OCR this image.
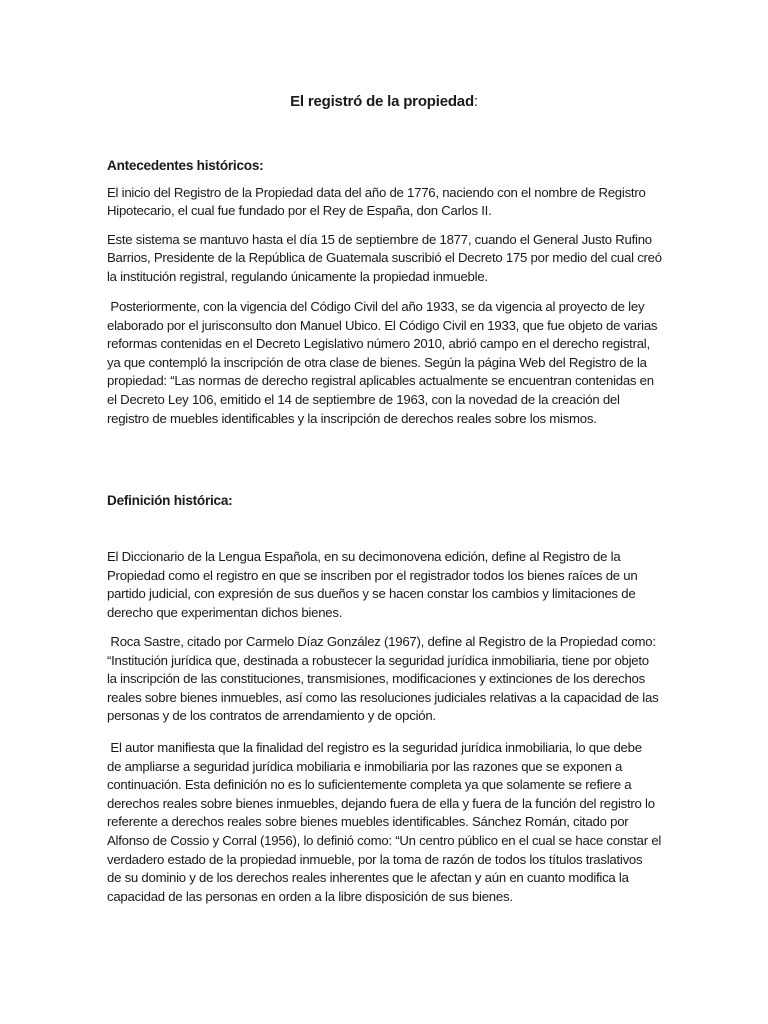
El registró de la propiedad:
Antecedentes históricos:

El inicio del Registro de la Propiedad data del año de 1776, naciendo con el nombre de Registro
Hipotecario, el cual fue fundado por el Rey de España, don Carlos II.

Este sistema se mantuvo hasta el día 15 de septiembre de 1877, cuando el General Justo Rufino
Barrios, Presidente de la República de Guatemala suscribió el Decreto 175 por medio del cual creó
la institución registral, regulando únicamente la propiedad inmueble.

Posteriormente, con la vigencia del Código Civil del año 1933, se da vigencia al proyecto de ley
elaborado por el jurisconsulto don Manuel Ubico. El Código Civil en 1933, que fue objeto de varias
reformas contenidas en el Decreto Legislativo número 2010, abrió campo en el derecho registral,
ya que contempló la inscripción de otra clase de bienes. Según la página Web del Registro de la
propiedad: “Las normas de derecho registral aplicables actualmente se encuentran contenidas en
el Decreto Ley 106, emitido el 14 de septiembre de 1963, con la novedad de la creación del
registro de muebles identificables y la inscripción de derechos reales sobre los mismos.

Definición histórica:

El Diccionario de la Lengua Española, en su decimonovena edición, define al Registro de la
Propiedad como el registro en que se inscriben por el registrador todos los bienes raíces de un
partido judicial, con expresión de sus dueños y se hacen constar los cambios y limitaciones de
derecho que experimentan dichos bienes.

Roca Sastre, citado por Carmelo Díaz González (1967), define al Registro de la Propiedad como:
“Institución jurídica que, destinada a robustecer la seguridad jurídica inmobiliaria, tiene por objeto
la inscripción de las constituciones, transmisiones, modificaciones y extinciones de los derechos
reales sobre bienes inmuebles, así como las resoluciones judiciales relativas a la capacidad de las
personas y de los contratos de arrendamiento y de opción.

El autor manifiesta que la finalidad del registro es la seguridad jurídica inmobiliaria, lo que debe
de ampliarse a seguridad jurídica mobiliaria e inmobiliaria por las razones que se exponen a
continuación. Esta definición no es lo suficientemente completa ya que solamente se refiere a
derechos reales sobre bienes inmuebles, dejando fuera de ella y fuera de la función del registro lo
referente a derechos reales sobre bienes muebles identificables. Sánchez Román, citado por
Alfonso de Cossio y Corral (1956), lo definió como: “Un centro público en el cual se hace constar el
verdadero estado de la propiedad inmueble, por la toma de razón de todos los títulos traslativos
de su dominio y de los derechos reales inherentes que le afectan y aún en cuanto modifica la
capacidad de las personas en orden a la libre disposición de sus bienes.
